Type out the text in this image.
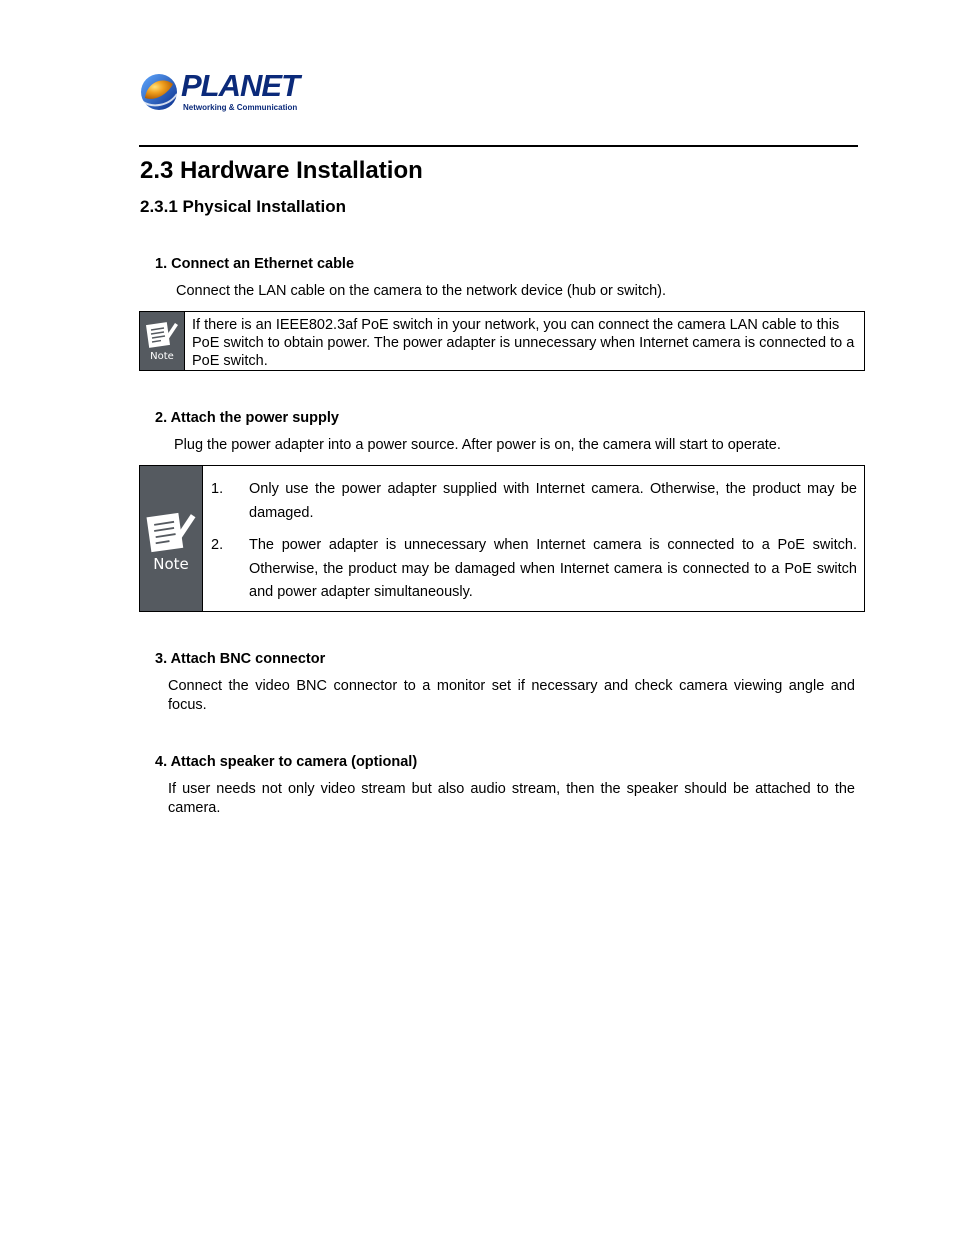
PLANET
Networking & Communication
2.3 Hardware Installation
2.3.1 Physical Installation
1. Connect an Ethernet cable
Connect the LAN cable on the camera to the network device (hub or switch).
Note
If there is an IEEE802.3af PoE switch in your network, you can connect the camera LAN cable to this PoE switch to obtain power. The power adapter is unnecessary when Internet camera is connected to a PoE switch.
2. Attach the power supply
Plug the power adapter into a power source. After power is on, the camera will start to operate.
Note
1.	Only use the power adapter supplied with Internet camera. Otherwise, the product may be damaged.
2.	The power adapter is unnecessary when Internet camera is connected to a PoE switch. Otherwise, the product may be damaged when Internet camera is connected to a PoE switch and power adapter simultaneously.
3. Attach BNC connector
Connect the video BNC connector to a monitor set if necessary and check camera viewing angle and focus.
4. Attach speaker to camera (optional)
If user needs not only video stream but also audio stream, then the speaker should be attached to the camera.
